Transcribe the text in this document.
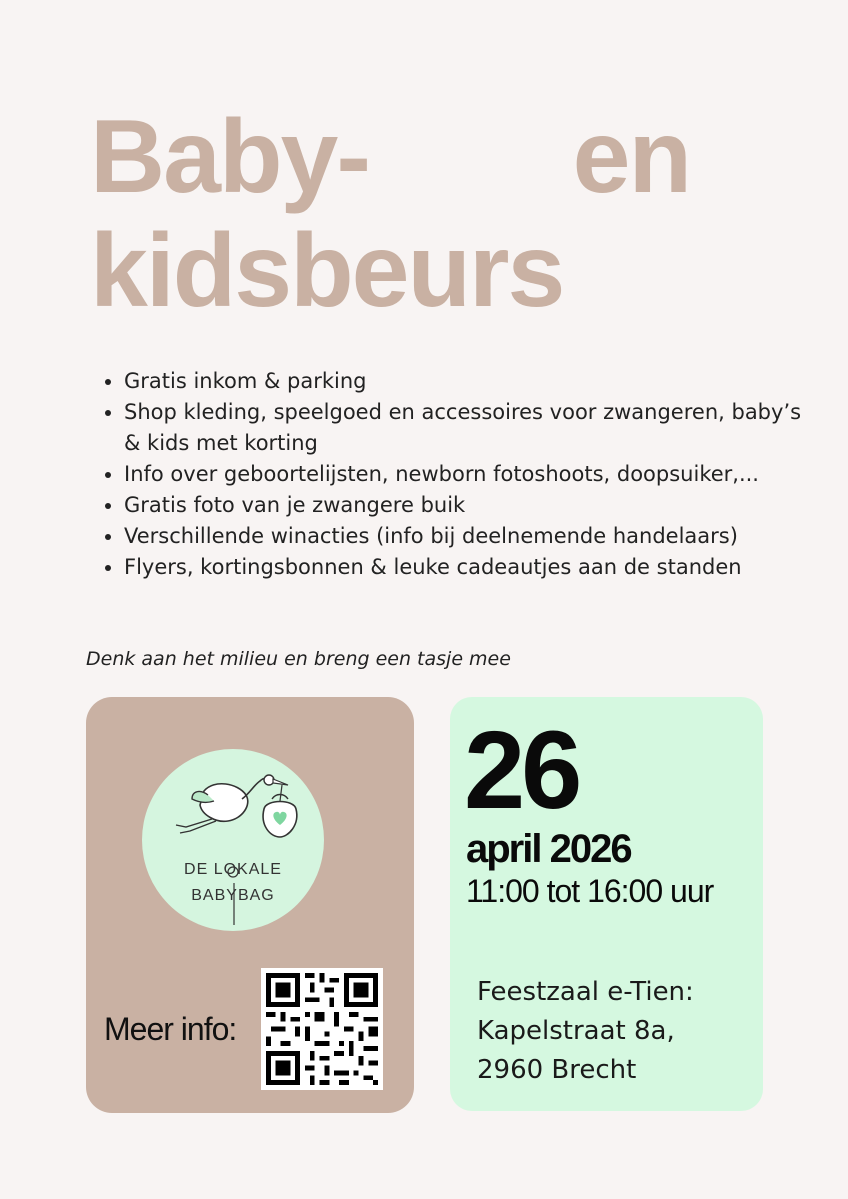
Baby- en
kidsbeurs
• Gratis inkom & parking
• Shop kleding, speelgoed en accessoires voor zwangeren, baby’s & kids met korting
• Info over geboortelijsten, newborn fotoshoots, doopsuiker,...
• Gratis foto van je zwangere buik
• Verschillende winacties (info bij deelnemende handelaars)
• Flyers, kortingsbonnen & leuke cadeautjes aan de standen
Denk aan het milieu en breng een tasje mee
DE LOKALE
BABYBAG
Meer info:
26
april 2026
11:00 tot 16:00 uur
Feestzaal e-Tien:
Kapelstraat 8a,
2960 Brecht
